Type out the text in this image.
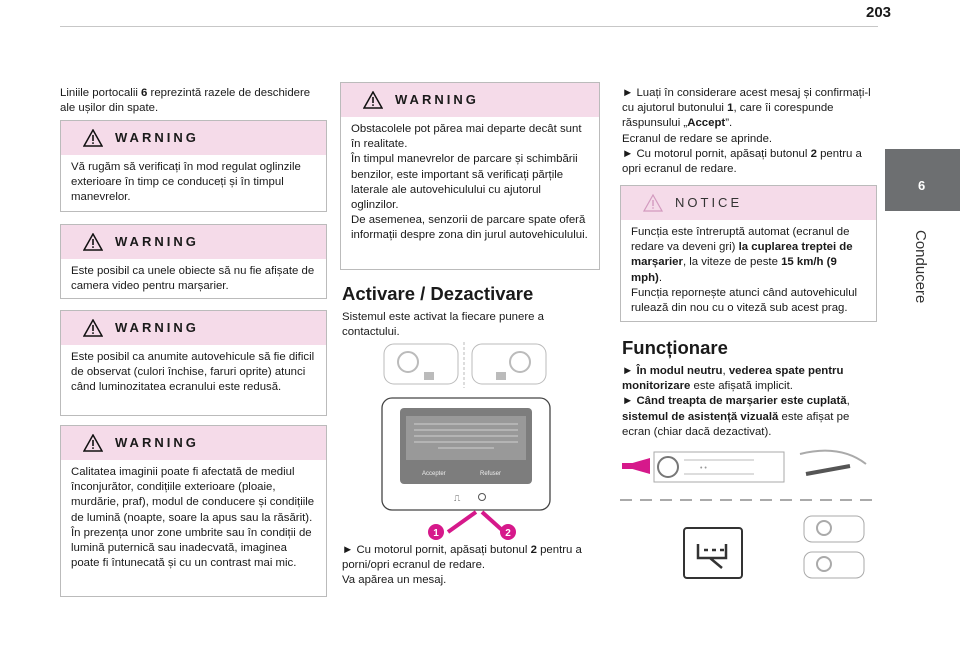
203
6
Conducere

Liniile portocalii 6 reprezintă razele de deschidere ale ușilor din spate.

WARNING
Vă rugăm să verificați în mod regulat oglinzile exterioare în timp ce conduceți și în timpul manevrelor.
WARNING
Este posibil ca unele obiecte să nu fie afișate de camera video pentru marșarier.
WARNING
Este posibil ca anumite autovehicule să fie dificil de observat (culori închise, faruri oprite) atunci când luminozitatea ecranului este redusă.
WARNING
Calitatea imaginii poate fi afectată de mediul înconjurător, condițiile exterioare (ploaie, murdărie, praf), modul de conducere și condițiile de lumină (noapte, soare la apus sau la răsărit).
În prezența unor zone umbrite sau în condiții de lumină puternică sau inadecvată, imaginea poate fi întunecată și cu un contrast mai mic.
WARNING
Obstacolele pot părea mai departe decât sunt în realitate.
În timpul manevrelor de parcare și schimbării benzilor, este important să verificați părțile laterale ale autovehiculului cu ajutorul oglinzilor.
De asemenea, senzorii de parcare spate oferă informații despre zona din jurul autovehiculului.
Activare / Dezactivare

Sistemul este activat la fiecare punere a contactului.

Accepter	Refuser
⎍
1	2

► Cu motorul pornit, apăsați butonul 2 pentru a porni/opri ecranul de redare.

Va apărea un mesaj.

► Luați în considerare acest mesaj și confirmați-l cu ajutorul butonului 1, care îi corespunde răspunsului „Accept”.

Ecranul de redare se aprinde.

► Cu motorul pornit, apăsați butonul 2 pentru a opri ecranul de redare.

NOTICE
Funcția este întreruptă automat (ecranul de redare va deveni gri) la cuplarea treptei de marșarier, la viteze de peste 15 km/h (9 mph).
Funcția repornește atunci când autovehiculul rulează din nou cu o viteză sub acest prag.
Funcționare

► În modul neutru, vederea spate pentru monitorizare este afișată implicit.

► Când treapta de marșarier este cuplată, sistemul de asistență vizuală este afișat pe ecran (chiar dacă dezactivat).

• •
